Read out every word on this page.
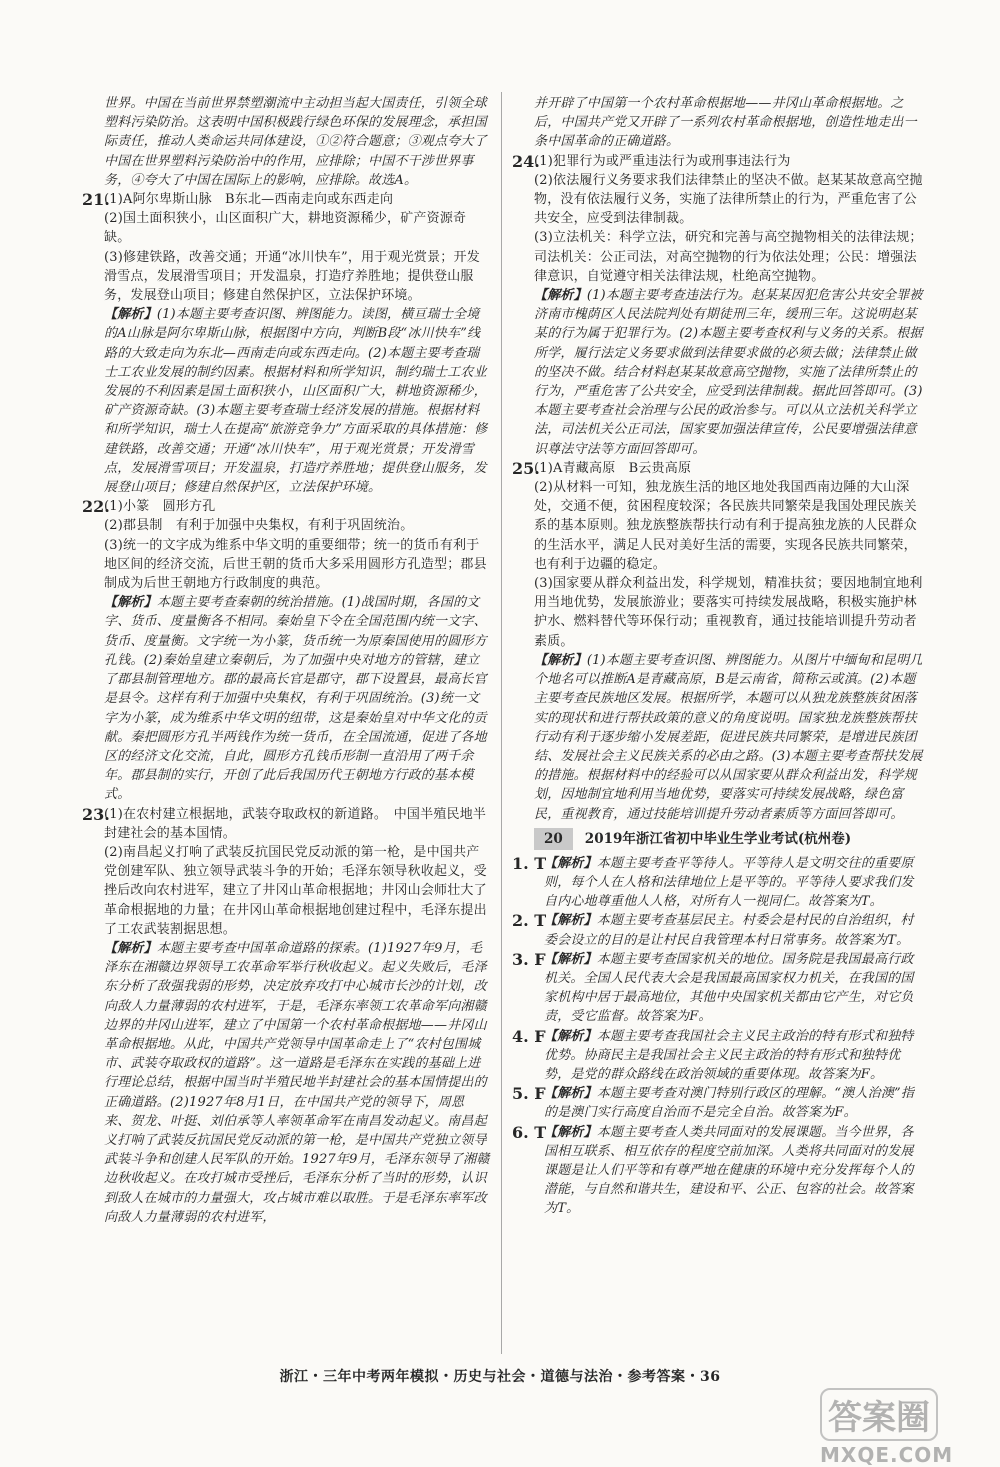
世界。中国在当前世界禁塑潮流中主动担当起大国责任，引领全球塑料污染防治。这表明中国积极践行绿色环保的发展理念，承担国际责任，推动人类命运共同体建设，①②符合题意；③观点夸大了中国在世界塑料污染防治中的作用，应排除；中国不干涉世界事务，④夸大了中国在国际上的影响，应排除。故选A。

21.

(1)A阿尔卑斯山脉　B东北—西南走向或东西走向

(2)国土面积狭小，山区面积广大，耕地资源稀少，矿产资源奇缺。

(3)修建铁路，改善交通；开通“冰川快车”，用于观光赏景；开发滑雪点，发展滑雪项目；开发温泉，打造疗养胜地；提供登山服务，发展登山项目；修建自然保护区，立法保护环境。

【解析】(1)本题主要考查识图、辨图能力。读图，横亘瑞士全境的A山脉是阿尔卑斯山脉，根据图中方向，判断B段“冰川快车”线路的大致走向为东北—西南走向或东西走向。(2)本题主要考查瑞士工农业发展的制约因素。根据材料和所学知识，制约瑞士工农业发展的不利因素是国土面积狭小，山区面积广大，耕地资源稀少，矿产资源奇缺。(3)本题主要考查瑞士经济发展的措施。根据材料和所学知识，瑞士人在提高“旅游竞争力”方面采取的具体措施：修建铁路，改善交通；开通“冰川快车”，用于观光赏景；开发滑雪点，发展滑雪项目；开发温泉，打造疗养胜地；提供登山服务，发展登山项目；修建自然保护区，立法保护环境。

22.

(1)小篆　圆形方孔

(2)郡县制　有利于加强中央集权，有利于巩固统治。

(3)统一的文字成为维系中华文明的重要细带；统一的货币有利于地区间的经济交流，后世王朝的货币大多采用圆形方孔造型；郡县制成为后世王朝地方行政制度的典范。

【解析】本题主要考查秦朝的统治措施。(1)战国时期，各国的文字、货币、度量衡各不相同。秦始皇下令在全国范围内统一文字、货币、度量衡。文字统一为小篆，货币统一为原秦国使用的圆形方孔钱。(2)秦始皇建立秦朝后，为了加强中央对地方的管辖，建立了郡县制管理地方。郡的最高长官是郡守，郡下设置县，最高长官是县令。这样有利于加强中央集权，有利于巩固统治。(3)统一文字为小篆，成为维系中华文明的纽带，这是秦始皇对中华文化的贡献。秦把圆形方孔半两钱作为统一货币，在全国流通，促进了各地区的经济文化交流，自此，圆形方孔钱币形制一直沿用了两千余年。郡县制的实行，开创了此后我国历代王朝地方行政的基本模式。

23.

(1)在农村建立根据地，武装夺取政权的新道路。　中国半殖民地半封建社会的基本国情。

(2)南昌起义打响了武装反抗国民党反动派的第一枪，是中国共产党创建军队、独立领导武装斗争的开始；毛泽东领导秋收起义，受挫后改向农村进军，建立了井冈山革命根据地；井冈山会师壮大了革命根据地的力量；在井冈山革命根据地创建过程中，毛泽东提出了工农武装割据思想。

【解析】本题主要考查中国革命道路的探索。(1)1927年9月，毛泽东在湘赣边界领导工农革命军举行秋收起义。起义失败后，毛泽东分析了敌强我弱的形势，决定放弃攻打中心城市长沙的计划，改向敌人力量薄弱的农村进军，于是，毛泽东率领工农革命军向湘赣边界的井冈山进军，建立了中国第一个农村革命根据地——井冈山革命根据地。从此，中国共产党领导中国革命走上了“农村包围城市、武装夺取政权的道路”。这一道路是毛泽东在实践的基础上进行理论总结，根据中国当时半殖民地半封建社会的基本国情提出的正确道路。(2)1927年8月1日，在中国共产党的领导下，周恩来、贺龙、叶挺、刘伯承等人率领革命军在南昌发动起义。南昌起义打响了武装反抗国民党反动派的第一枪，是中国共产党独立领导武装斗争和创建人民军队的开始。1927年9月，毛泽东领导了湘赣边秋收起义。在攻打城市受挫后，毛泽东分析了当时的形势，认识到敌人在城市的力量强大，攻占城市难以取胜。于是毛泽东率军改向敌人力量薄弱的农村进军，

并开辟了中国第一个农村革命根据地——井冈山革命根据地。之后，中国共产党又开辟了一系列农村革命根据地，创造性地走出一条中国革命的正确道路。

24.

(1)犯罪行为或严重违法行为或刑事违法行为

(2)依法履行义务要求我们法律禁止的坚决不做。赵某某故意高空抛物，没有依法履行义务，实施了法律所禁止的行为，严重危害了公共安全，应受到法律制裁。

(3)立法机关：科学立法，研究和完善与高空抛物相关的法律法规；司法机关：公正司法，对高空抛物的行为依法处理；公民：增强法律意识，自觉遵守相关法律法规，杜绝高空抛物。

【解析】(1)本题主要考查违法行为。赵某某因犯危害公共安全罪被济南市槐荫区人民法院判处有期徒刑三年，缓刑三年。这说明赵某某的行为属于犯罪行为。(2)本题主要考查权利与义务的关系。根据所学，履行法定义务要求做到法律要求做的必须去做；法律禁止做的坚决不做。结合材料赵某某故意高空抛物，实施了法律所禁止的行为，严重危害了公共安全，应受到法律制裁。据此回答即可。(3)本题主要考查社会治理与公民的政治参与。可以从立法机关科学立法，司法机关公正司法，国家要加强法律宣传，公民要增强法律意识尊法守法等方面回答即可。

25.

(1)A青藏高原　B云贵高原

(2)从材料一可知，独龙族生活的地区地处我国西南边陲的大山深处，交通不便，贫困程度较深；各民族共同繁荣是我国处理民族关系的基本原则。独龙族整族帮扶行动有利于提高独龙族的人民群众的生活水平，满足人民对美好生活的需要，实现各民族共同繁荣，也有利于边疆的稳定。

(3)国家要从群众利益出发，科学规划，精准扶贫；要因地制宜地利用当地优势，发展旅游业；要落实可持续发展战略，积极实施护林护水、燃料替代等环保行动；重视教育，通过技能培训提升劳动者素质。

【解析】(1)本题主要考查识图、辨图能力。从图片中缅甸和昆明几个地名可以推断A是青藏高原，B是云南省，简称云或滇。(2)本题主要考查民族地区发展。根据所学，本题可以从独龙族整族贫困落实的现状和进行帮扶政策的意义的角度说明。国家独龙族整族帮扶行动有利于逐步缩小发展差距，促进民族共同繁荣，是增进民族团结、发展社会主义民族关系的必由之路。(3)本题主要考查帮扶发展的措施。根据材料中的经验可以从国家要从群众利益出发，科学规划，因地制宜地利用当地优势，要落实可持续发展战略，绿色富民，重视教育，通过技能培训提升劳动者素质等方面回答即可。

20	2019年浙江省初中毕业生学业考试(杭州卷)
1. T

【解析】本题主要考查平等待人。平等待人是文明交往的重要原则，每个人在人格和法律地位上是平等的。平等待人要求我们发自内心地尊重他人人格，对所有人一视同仁。故答案为T。

2. T

【解析】本题主要考查基层民主。村委会是村民的自治组织，村委会设立的目的是让村民自我管理本村日常事务。故答案为T。

3. F

【解析】本题主要考查国家机关的地位。国务院是我国最高行政机关。全国人民代表大会是我国最高国家权力机关，在我国的国家机构中居于最高地位，其他中央国家机关都由它产生，对它负责，受它监督。故答案为F。

4. F

【解析】本题主要考查我国社会主义民主政治的特有形式和独特优势。协商民主是我国社会主义民主政治的特有形式和独特优势，是党的群众路线在政治领域的重要体现。故答案为F。

5. F

【解析】本题主要考查对澳门特别行政区的理解。“澳人治澳”指的是澳门实行高度自治而不是完全自治。故答案为F。

6. T

【解析】本题主要考查人类共同面对的发展课题。当今世界，各国相互联系、相互依存的程度空前加深。人类将共同面对的发展课题是让人们平等和有尊严地在健康的环境中充分发挥每个人的潜能，与自然和谐共生，建设和平、公正、包容的社会。故答案为T。

浙江・三年中考两年模拟・历史与社会・道德与法治・参考答案・36
答案圈
MXQE.COM
